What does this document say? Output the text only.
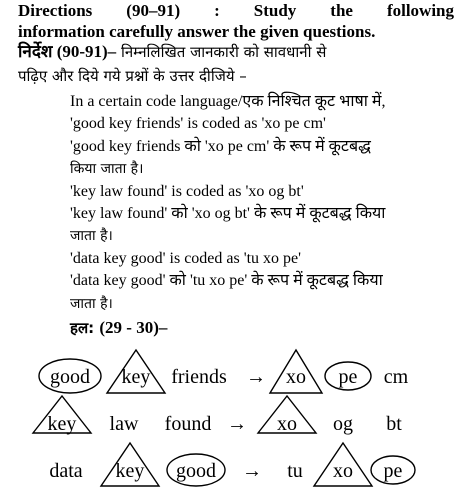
Directions (90–91) : Study the following
information carefully answer the given questions.
निर्देश (90-91)– निम्नलिखित जानकारी को सावधानी से
पढ़िए और दिये गये प्रश्नों के उत्तर दीजिये –
In a certain code language/एक निश्चित कूट भाषा में,
'good key friends' is coded as 'xo pe cm'
'good key friends को 'xo pe cm' के रूप में कूटबद्ध
किया जाता है।
'key law found' is coded as 'xo og bt'
'key law found' को 'xo og bt' के रूप में कूटबद्ध किया
जाता है।
'data key good' is coded as 'tu xo pe'
'data key good' को 'tu xo pe' के रूप में कूटबद्ध किया
जाता है।
हल: (29 - 30)–
good key friends → xo pe cm
key law found → xo og bt
data key good → tu xo pe
